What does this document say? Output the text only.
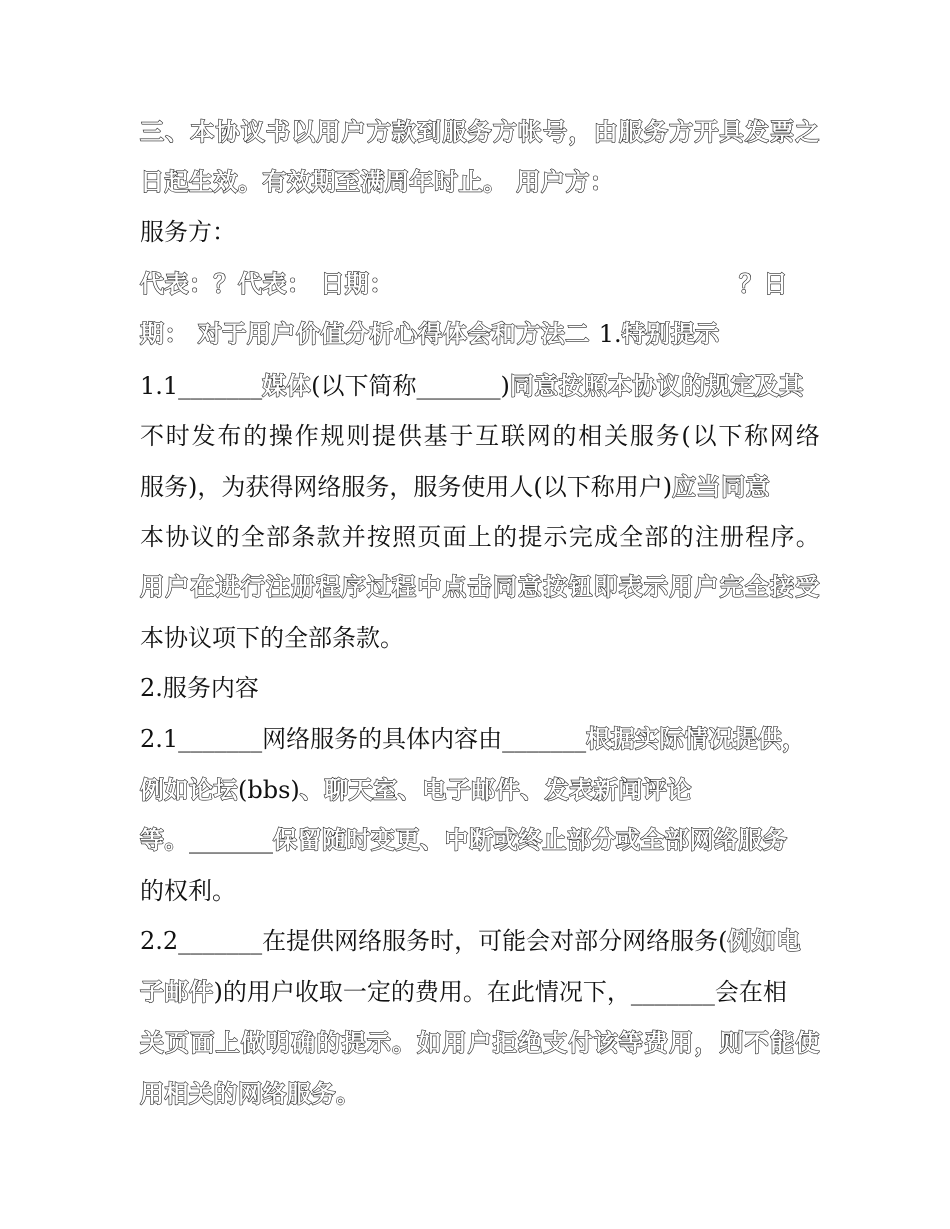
三 、 本 协 议 书 以 用 户 方 款 到 服 务 方 帐 号 ， 由 服 务 方 开 具 发 票 之
日起生效。有效期至满周年时止。 用户方：
服务方：
代表：？代表： 日期：	？日
期： 对于用户价值分析心得体会和方法二 1.特别提示
1.1_______媒体(以下简称_______)同意按照本协议的规定及其
不 时 发 布 的 操 作 规 则 提 供 基 于 互 联 网 的 相 关 服 务 ( 以 下 称 网 络
服务)，为获得网络服务，服务使用人(以下称用户)应当同意
本 协 议 的 全 部 条 款 并 按 照 页 面 上 的 提 示 完 成 全 部 的 注 册 程 序 。
用 户 在 进 行 注 册 程 序 过 程 中 点 击 同 意 按 钮 即 表 示 用 户 完 全 接 受
本协议项下的全部条款。
2.服务内容
2.1_______网络服务的具体内容由_______根据实际情况提供，
例如论坛(bbs)、聊天室、电子邮件、发表新闻评论
等。_______保留随时变更、中断或终止部分或全部网络服务
的权利。
2.2_______在提供网络服务时，可能会对部分网络服务(例如电
子邮件)的用户收取一定的费用。在此情况下，_______会在相
关 页 面 上 做 明 确 的 提 示 。 如 用 户 拒 绝 支 付 该 等 费 用 ， 则 不 能 使
用相关的网络服务。
